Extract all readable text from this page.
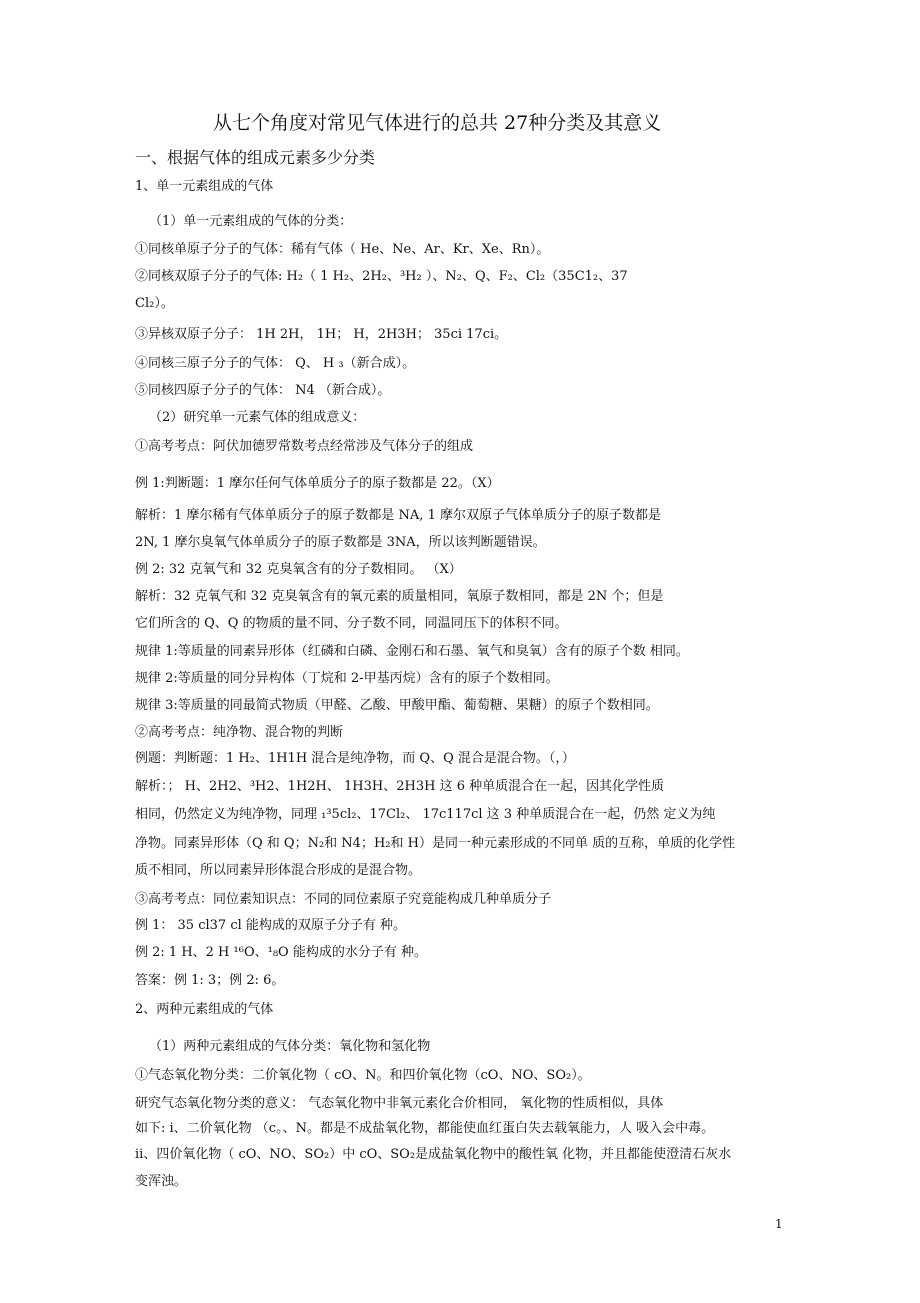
从七个角度对常见气体进行的总共 27种分类及其意义
一、根据气体的组成元素多少分类
1、单一元素组成的气体
（1）单一元素组成的气体的分类：
①同核单原子分子的气体：稀有气体（ He、Ne、Ar、Kr、Xe、Rn）。
②同核双原子分子的气体: H₂（ 1 H₂、2H₂、³H₂ ）、N₂、Q、F₂、Cl₂（35C1₂、37
Cl₂）。
③异核双原子分子： 1H 2H， 1H； H，2H3H； 35ci 17ci。
④同核三原子分子的气体： Q、 H ₃（新合成）。
⑤同核四原子分子的气体： N4 （新合成）。
（2）研究单一元素气体的组成意义：
①高考考点：阿伏加德罗常数考点经常涉及气体分子的组成
例 1:判断题：1 摩尔任何气体单质分子的原子数都是 22。（X）
解析：1 摩尔稀有气体单质分子的原子数都是 NA, 1 摩尔双原子气体单质分子的原子数都是
2N, 1 摩尔臭氧气体单质分子的原子数都是 3NA，所以该判断题错误。
例 2: 32 克氧气和 32 克臭氧含有的分子数相同。 （X）
解析：32 克氧气和 32 克臭氧含有的氧元素的质量相同，氧原子数相同，都是 2N 个；但是
它们所含的 Q、Q 的物质的量不同、分子数不同，同温同压下的体积不同。
规律 1:等质量的同素异形体（红磷和白磷、金刚石和石墨、氧气和臭氧）含有的原子个数 相同。
规律 2:等质量的同分异构体（丁烷和 2-甲基丙烷）含有的原子个数相同。
规律 3:等质量的同最简式物质（甲醛、乙酸、甲酸甲酯、葡萄糖、果糖）的原子个数相同。
②高考考点：纯净物、混合物的判断
例题：判断题：1 H₂、1H1H 混合是纯净物，而 Q、Q 混合是混合物。（，）
解析：； H、2H2、³H2、1H2H、 1H3H、2H3H 这 6 种单质混合在一起，因其化学性质
相同，仍然定义为纯净物，同理 ₁³5cl₂、17Cl₂、 17c117cl 这 3 种单质混合在一起，仍然 定义为纯
净物。同素异形体（Q 和 Q；N₂和 N4；H₂和 H）是同一种元素形成的不同单 质的互称，单质的化学性
质不相同，所以同素异形体混合形成的是混合物。
③高考考点：同位素知识点：不同的同位素原子究竟能构成几种单质分子
例 1： 35 cl37 cl 能构成的双原子分子有 种。
例 2: 1 H、2 H ¹⁶O、¹₈O 能构成的水分子有 种。
答案：例 1: 3；例 2: 6。
2、两种元素组成的气体
（1）两种元素组成的气体分类：氧化物和氢化物
①气态氧化物分类：二价氧化物（ cO、N。和四价氧化物（cO、NO、SO₂）。
研究气态氧化物分类的意义： 气态氧化物中非氧元素化合价相同， 氧化物的性质相似，具体
如下: i、二价氧化物 （c。、N。都是不成盐氧化物，都能使血红蛋白失去载氧能力，人 吸入会中毒。
ii、四价氧化物（ cO、NO、SO₂）中 cO、SO₂是成盐氧化物中的酸性氧 化物，并且都能使澄清石灰水
变浑浊。
1
